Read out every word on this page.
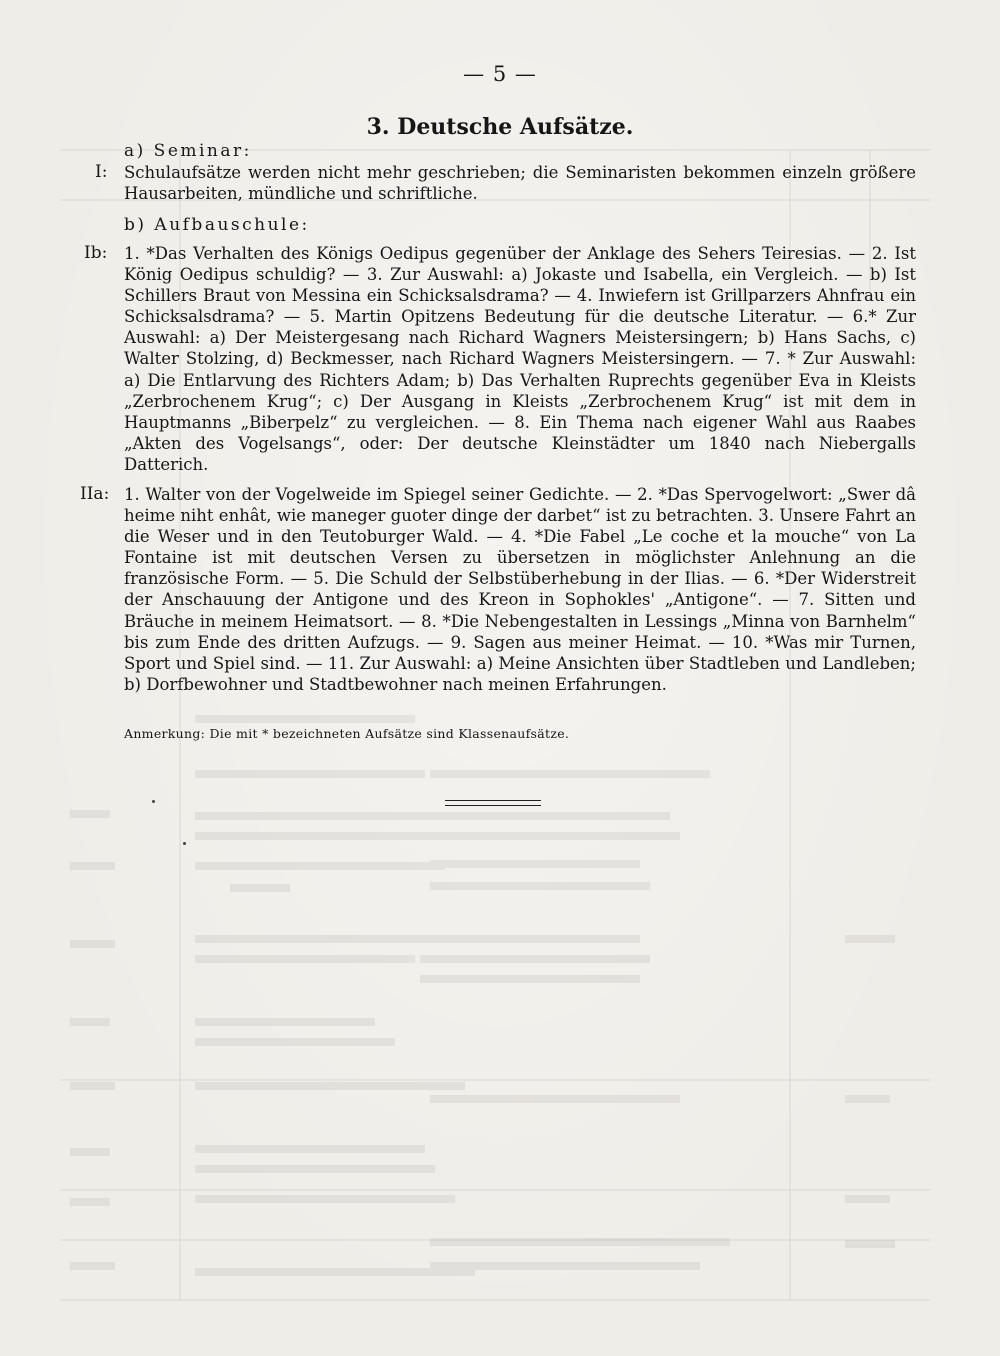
— 5 —
3. Deutsche Aufsätze.
a) Seminar:
I: Schulaufsätze werden nicht mehr geschrieben; die Seminaristen bekommen einzeln größere Hausarbeiten, mündliche und schriftliche.
b) Aufbauschule:
Ib: 1. *Das Verhalten des Königs Oedipus gegenüber der Anklage des Sehers Teiresias. — 2. Ist König Oedipus schuldig? — 3. Zur Auswahl: a) Jokaste und Isabella, ein Vergleich. — b) Ist Schillers Braut von Messina ein Schicksalsdrama? — 4. Inwiefern ist Grillparzers Ahnfrau ein Schicksalsdrama? — 5. Martin Opitzens Bedeutung für die deutsche Literatur. — 6.* Zur Auswahl: a) Der Meistergesang nach Richard Wagners Meistersingern; b) Hans Sachs, c) Walter Stolzing, d) Beckmesser, nach Richard Wagners Meistersingern. — 7. * Zur Auswahl: a) Die Entlarvung des Richters Adam; b) Das Verhalten Ruprechts gegenüber Eva in Kleists „Zerbrochenem Krug“; c) Der Ausgang in Kleists „Zerbrochenem Krug“ ist mit dem in Hauptmanns „Biberpelz“ zu vergleichen. — 8. Ein Thema nach eigener Wahl aus Raabes „Akten des Vogelsangs“, oder: Der deutsche Kleinstädter um 1840 nach Niebergalls Datterich.
IIa: 1. Walter von der Vogelweide im Spiegel seiner Gedichte. — 2. *Das Spervogelwort: „Swer dâ heime niht enhât, wie maneger guoter dinge der darbet“ ist zu betrachten. 3. Unsere Fahrt an die Weser und in den Teutoburger Wald. — 4. *Die Fabel „Le coche et la mouche“ von La Fontaine ist mit deutschen Versen zu übersetzen in möglichster Anlehnung an die französische Form. — 5. Die Schuld der Selbstüberhebung in der Ilias. — 6. *Der Widerstreit der Anschauung der Antigone und des Kreon in Sophokles' „Antigone“. — 7. Sitten und Bräuche in meinem Heimatsort. — 8. *Die Nebengestalten in Lessings „Minna von Barnhelm“ bis zum Ende des dritten Aufzugs. — 9. Sagen aus meiner Heimat. — 10. *Was mir Turnen, Sport und Spiel sind. — 11. Zur Auswahl: a) Meine Ansichten über Stadtleben und Landleben; b) Dorfbewohner und Stadtbewohner nach meinen Erfahrungen.
Anmerkung: Die mit * bezeichneten Aufsätze sind Klassenaufsätze.
